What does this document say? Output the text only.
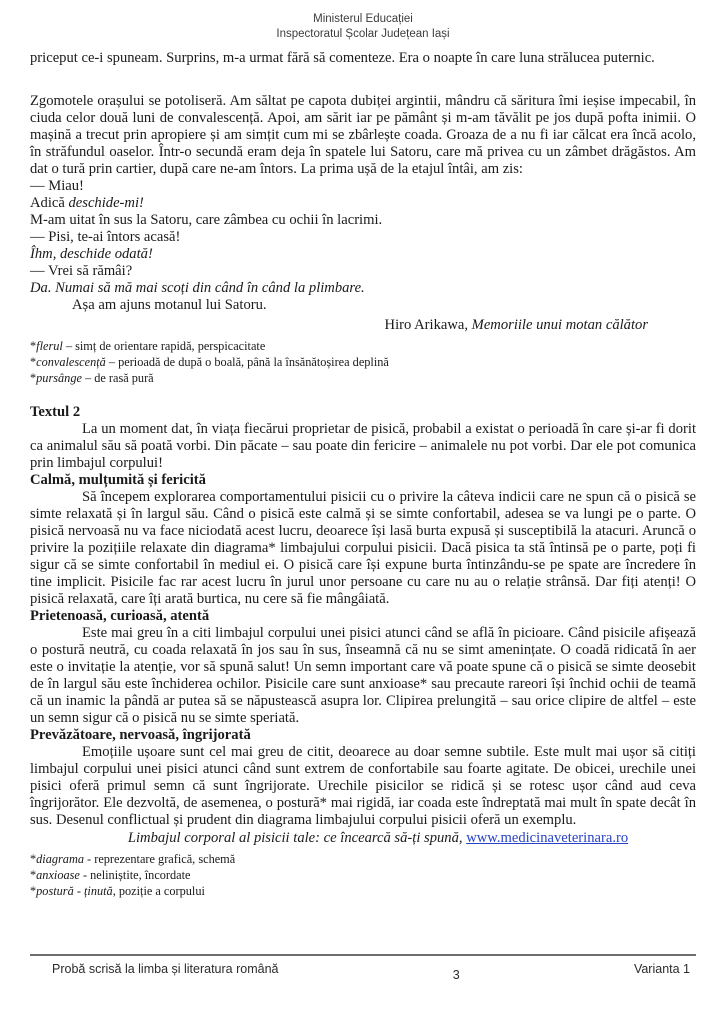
Ministerul Educației
Inspectoratul Școlar Județean Iași

priceput ce-i spuneam. Surprins, m-a urmat fără să comenteze. Era o noapte în care luna strălucea puternic.

Zgomotele orașului se potoliseră. Am săltat pe capota dubiței argintii, mândru că săritura îmi ieșise impecabil, în ciuda celor două luni de convalescență. Apoi, am sărit iar pe pământ și m-am tăvălit pe jos după pofta inimii. O mașină a trecut prin apropiere și am simțit cum mi se zbârlește coada. Groaza de a nu fi iar călcat era încă acolo, în străfundul oaselor. Într-o secundă eram deja în spatele lui Satoru, care mă privea cu un zâmbet drăgăstos. Am dat o tură prin cartier, după care ne-am întors. La prima ușă de la etajul întâi, am zis:

— Miau!

Adică deschide-mi!

M-am uitat în sus la Satoru, care zâmbea cu ochii în lacrimi.

— Pisi, te-ai întors acasă!

Îhm, deschide odată!

— Vrei să rămâi?

Da. Numai să mă mai scoți din când în când la plimbare.

Așa am ajuns motanul lui Satoru.

Hiro Arikawa, Memoriile unui motan călător

*flerul – simț de orientare rapidă, perspicacitate

*convalescență – perioadă de după o boală, până la însănătoșirea deplină

*pursânge – de rasă pură

Textul 2

La un moment dat, în viața fiecărui proprietar de pisică, probabil a existat o perioadă în care și-ar fi dorit ca animalul său să poată vorbi. Din păcate – sau poate din fericire – animalele nu pot vorbi. Dar ele pot comunica prin limbajul corpului!

Calmă, mulțumită și fericită

Să începem explorarea comportamentului pisicii cu o privire la câteva indicii care ne spun că o pisică se simte relaxată și în largul său. Când o pisică este calmă și se simte confortabil, adesea se va lungi pe o parte. O pisică nervoasă nu va face niciodată acest lucru, deoarece își lasă burta expusă și susceptibilă la atacuri. Aruncă o privire la pozițiile relaxate din diagrama* limbajului corpului pisicii. Dacă pisica ta stă întinsă pe o parte, poți fi sigur că se simte confortabil în mediul ei. O pisică care își expune burta întinzându-se pe spate are încredere în tine implicit. Pisicile fac rar acest lucru în jurul unor persoane cu care nu au o relație strânsă. Dar fiți atenți! O pisică relaxată, care îți arată burtica, nu cere să fie mângâiată.

Prietenoasă, curioasă, atentă

Este mai greu în a citi limbajul corpului unei pisici atunci când se află în picioare. Când pisicile afișează o postură neutră, cu coada relaxată în jos sau în sus, înseamnă că nu se simt amenințate. O coadă ridicată în aer este o invitație la atenție, vor să spună salut! Un semn important care vă poate spune că o pisică se simte deosebit de în largul său este închiderea ochilor. Pisicile care sunt anxioase* sau precaute rareori își închid ochii de teamă că un inamic la pândă ar putea să se năpustească asupra lor. Clipirea prelungită – sau orice clipire de altfel – este un semn sigur că o pisică nu se simte speriată.

Prevăzătoare, nervoasă, îngrijorată

Emoțiile ușoare sunt cel mai greu de citit, deoarece au doar semne subtile. Este mult mai ușor să citiți limbajul corpului unei pisici atunci când sunt extrem de confortabile sau foarte agitate. De obicei, urechile unei pisici oferă primul semn că sunt îngrijorate. Urechile pisicilor se ridică și se rotesc ușor când aud ceva îngrijorător. Ele dezvoltă, de asemenea, o postură* mai rigidă, iar coada este îndreptată mai mult în spate decât în sus. Desenul conflictual și prudent din diagrama limbajului corpului pisicii oferă un exemplu.

Limbajul corporal al pisicii tale: ce încearcă să-ți spună, www.medicinaveterinara.ro

*diagrama - reprezentare grafică, schemă

*anxioase - neliniștite, încordate

*postură - ținută, poziție a corpului

Probă scrisă la limba și literatura română	3	Varianta 1
